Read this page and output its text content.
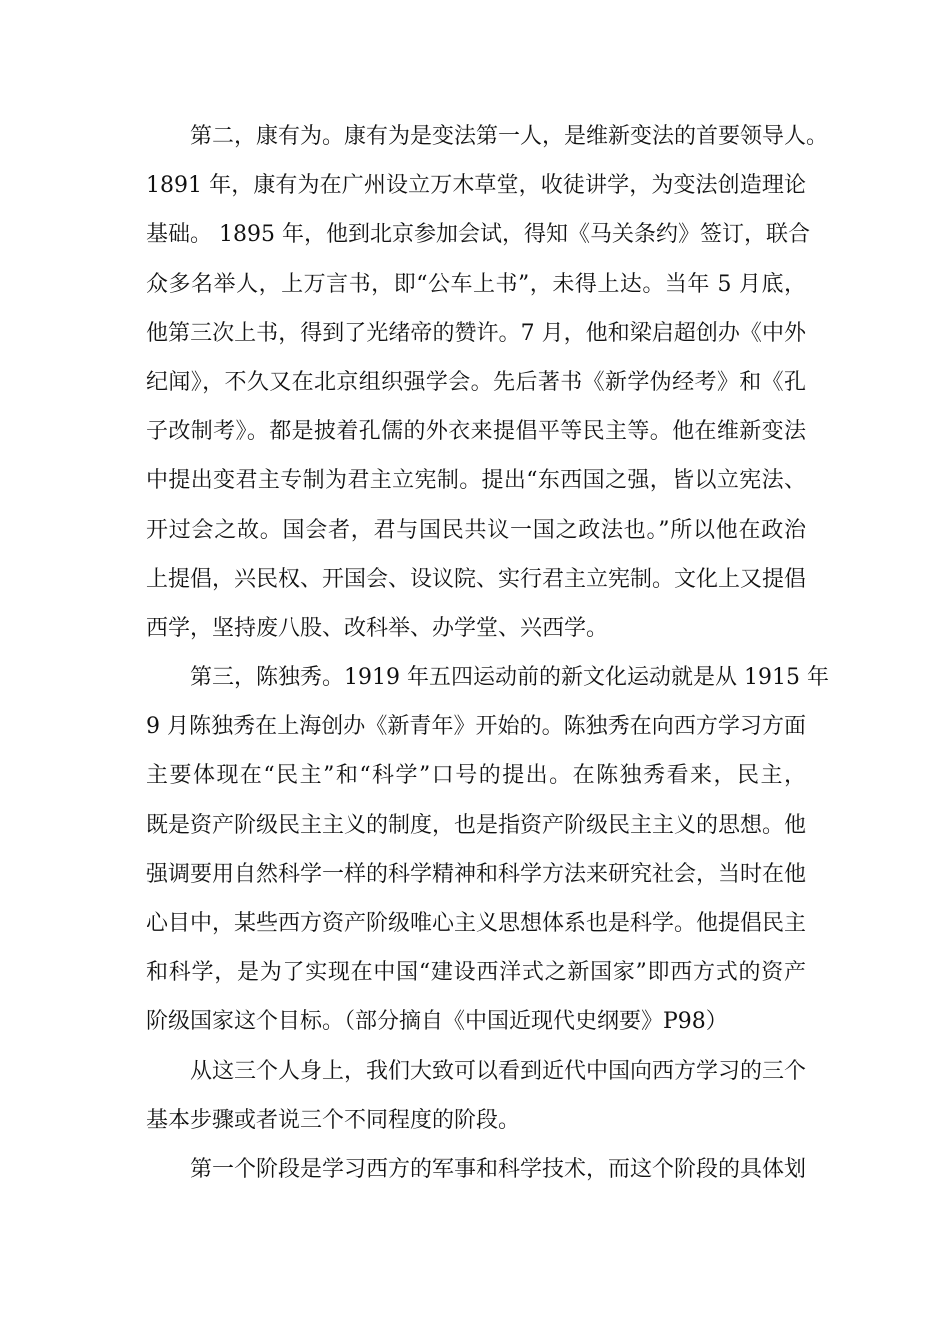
第二，康有为。康有为是变法第一人，是维新变法的首要领导人。
1891 年，康有为在广州设立万木草堂，收徒讲学，为变法创造理论
基础。 1895 年，他到北京参加会试，得知《马关条约》签订，联合
众多名举人，上万言书，即“公车上书”，未得上达。当年 5 月底，
他第三次上书，得到了光绪帝的赞许。7 月，他和梁启超创办《中外
纪闻》，不久又在北京组织强学会。先后著书《新学伪经考》和《孔
子改制考》。都是披着孔儒的外衣来提倡平等民主等。他在维新变法
中提出变君主专制为君主立宪制。提出“东西国之强，皆以立宪法、
开过会之故。国会者，君与国民共议一国之政法也。”所以他在政治
上提倡，兴民权、开国会、设议院、实行君主立宪制。文化上又提倡
西学，坚持废八股、改科举、办学堂、兴西学。

第三，陈独秀。1919 年五四运动前的新文化运动就是从 1915 年
9 月陈独秀在上海创办《新青年》开始的。陈独秀在向西方学习方面
主要体现在“民主”和“科学”口号的提出。在陈独秀看来，民主，
既是资产阶级民主主义的制度，也是指资产阶级民主主义的思想。他
强调要用自然科学一样的科学精神和科学方法来研究社会，当时在他
心目中，某些西方资产阶级唯心主义思想体系也是科学。他提倡民主
和科学，是为了实现在中国“建设西洋式之新国家”即西方式的资产
阶级国家这个目标。（部分摘自《中国近现代史纲要》P98）

从这三个人身上，我们大致可以看到近代中国向西方学习的三个
基本步骤或者说三个不同程度的阶段。

第一个阶段是学习西方的军事和科学技术，而这个阶段的具体划
